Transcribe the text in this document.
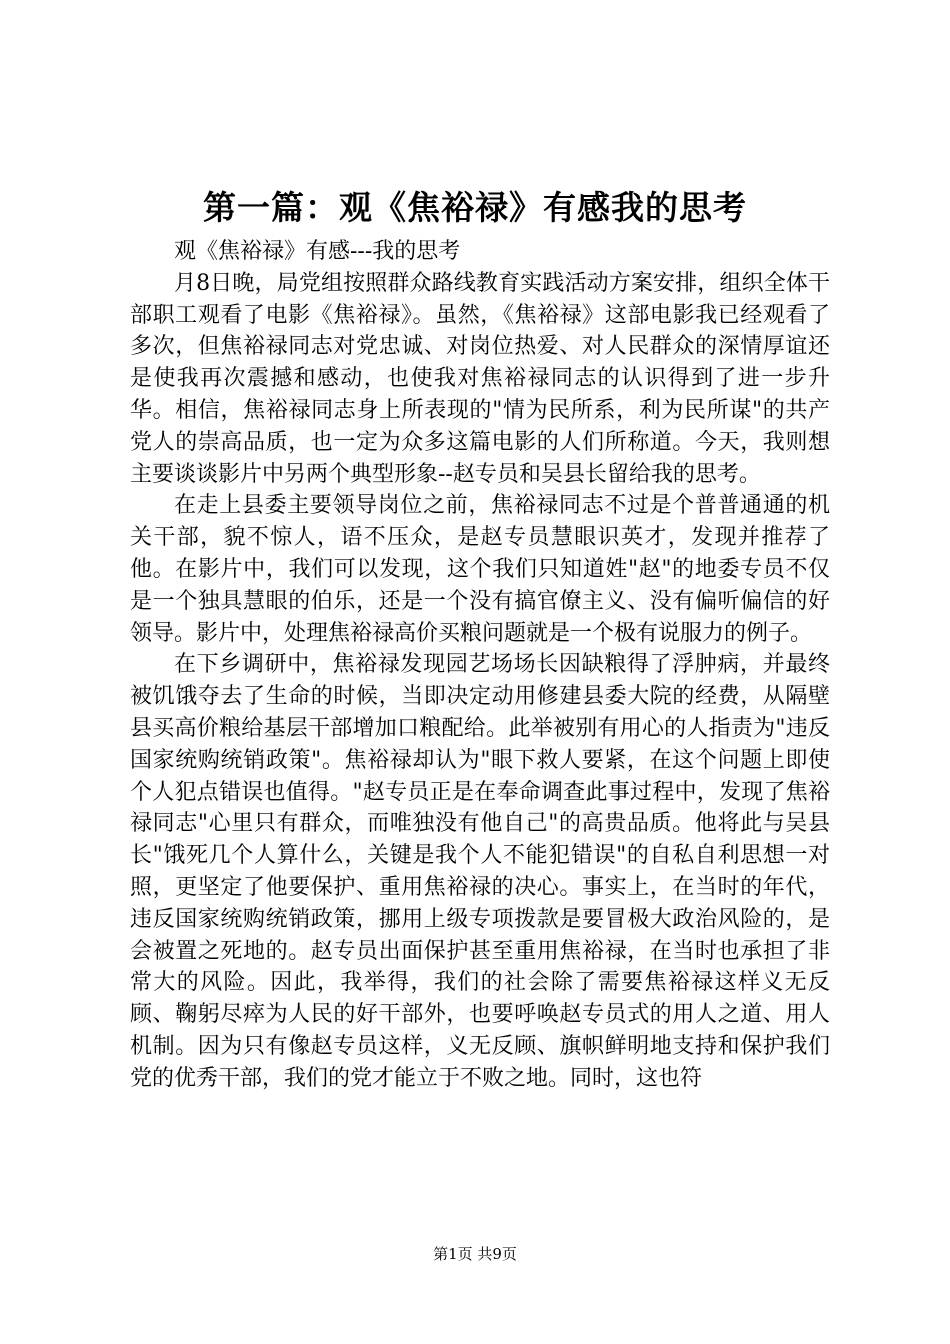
第一篇：观《焦裕禄》有感我的思考
观《焦裕禄》有感---我的思考

月8日晚，局党组按照群众路线教育实践活动方案安排，组织全体干部职工观看了电影《焦裕禄》。虽然，《焦裕禄》这部电影我已经观看了多次，但焦裕禄同志对党忠诚、对岗位热爱、对人民群众的深情厚谊还是使我再次震撼和感动，也使我对焦裕禄同志的认识得到了进一步升华。相信，焦裕禄同志身上所表现的"情为民所系，利为民所谋"的共产党人的崇高品质，也一定为众多这篇电影的人们所称道。今天，我则想主要谈谈影片中另两个典型形象--赵专员和吴县长留给我的思考。

在走上县委主要领导岗位之前，焦裕禄同志不过是个普普通通的机关干部，貌不惊人，语不压众，是赵专员慧眼识英才，发现并推荐了他。在影片中，我们可以发现，这个我们只知道姓"赵"的地委专员不仅是一个独具慧眼的伯乐，还是一个没有搞官僚主义、没有偏听偏信的好领导。影片中，处理焦裕禄高价买粮问题就是一个极有说服力的例子。

在下乡调研中，焦裕禄发现园艺场场长因缺粮得了浮肿病，并最终被饥饿夺去了生命的时候，当即决定动用修建县委大院的经费，从隔壁县买高价粮给基层干部增加口粮配给。此举被别有用心的人指责为"违反国家统购统销政策"。焦裕禄却认为"眼下救人要紧，在这个问题上即使个人犯点错误也值得。"赵专员正是在奉命调查此事过程中，发现了焦裕禄同志"心里只有群众，而唯独没有他自己"的高贵品质。他将此与吴县长"饿死几个人算什么，关键是我个人不能犯错误"的自私自利思想一对照，更坚定了他要保护、重用焦裕禄的决心。事实上，在当时的年代，违反国家统购统销政策，挪用上级专项拨款是要冒极大政治风险的，是会被置之死地的。赵专员出面保护甚至重用焦裕禄，在当时也承担了非常大的风险。因此，我举得，我们的社会除了需要焦裕禄这样义无反顾、鞠躬尽瘁为人民的好干部外，也要呼唤赵专员式的用人之道、用人机制。因为只有像赵专员这样，义无反顾、旗帜鲜明地支持和保护我们党的优秀干部，我们的党才能立于不败之地。同时，这也符

第1页 共9页
